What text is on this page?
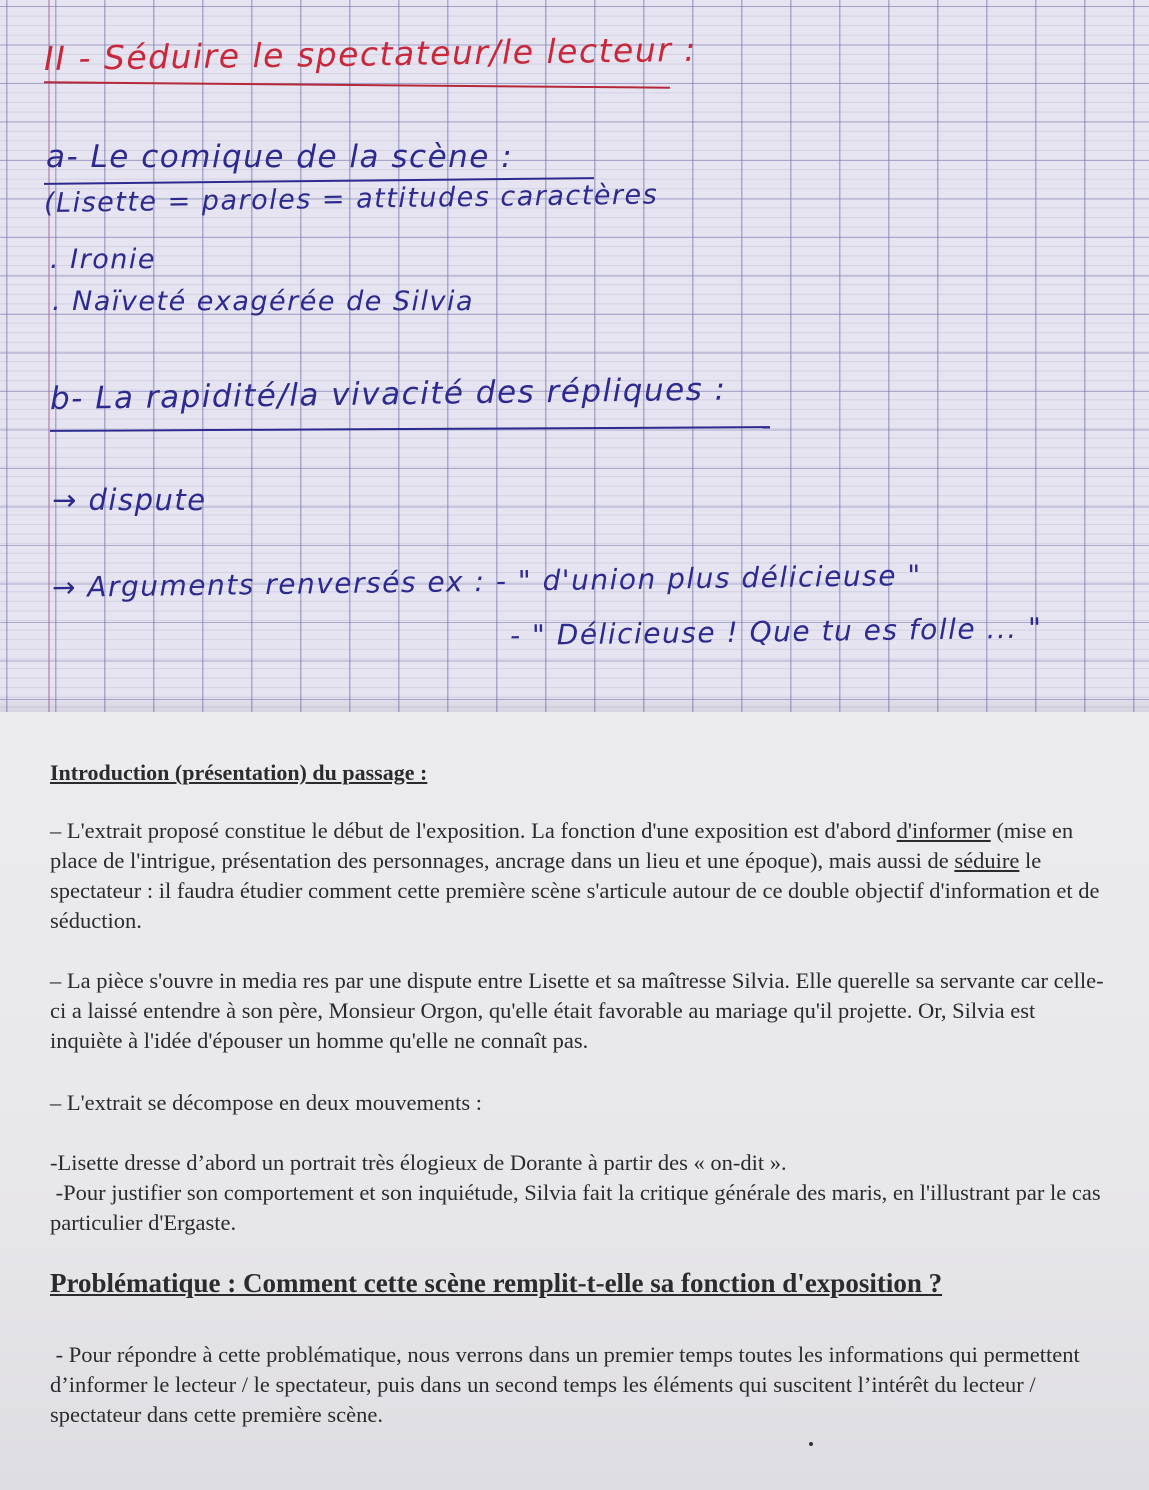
II - Séduire le spectateur/le lecteur :
a- Le comique de la scène :
(Lisette = paroles = attitudes caractères
. Ironie
. Naïveté exagérée de Silvia
b- La rapidité/la vivacité des répliques :
→ dispute
→ Arguments renversés ex : - " d'union plus délicieuse "
- " Délicieuse ! Que tu es folle ... "
Introduction (présentation) du passage :
– L'extrait proposé constitue le début de l'exposition. La fonction d'une exposition est d'abord d'informer (mise en place de l'intrigue, présentation des personnages, ancrage dans un lieu et une époque), mais aussi de séduire le spectateur : il faudra étudier comment cette première scène s'articule autour de ce double objectif d'information et de séduction.
– La pièce s'ouvre in media res par une dispute entre Lisette et sa maîtresse Silvia. Elle querelle sa servante car celle-ci a laissé entendre à son père, Monsieur Orgon, qu'elle était favorable au mariage qu'il projette. Or, Silvia est inquiète à l'idée d'épouser un homme qu'elle ne connaît pas.
– L'extrait se décompose en deux mouvements :
-Lisette dresse d’abord un portrait très élogieux de Dorante à partir des « on-dit ».
-Pour justifier son comportement et son inquiétude, Silvia fait la critique générale des maris, en l'illustrant par le cas particulier d'Ergaste.
Problématique : Comment cette scène remplit-t-elle sa fonction d'exposition ?
- Pour répondre à cette problématique, nous verrons dans un premier temps toutes les informations qui permettent d’informer le lecteur / le spectateur, puis dans un second temps les éléments qui suscitent l’intérêt du lecteur / spectateur dans cette première scène.
